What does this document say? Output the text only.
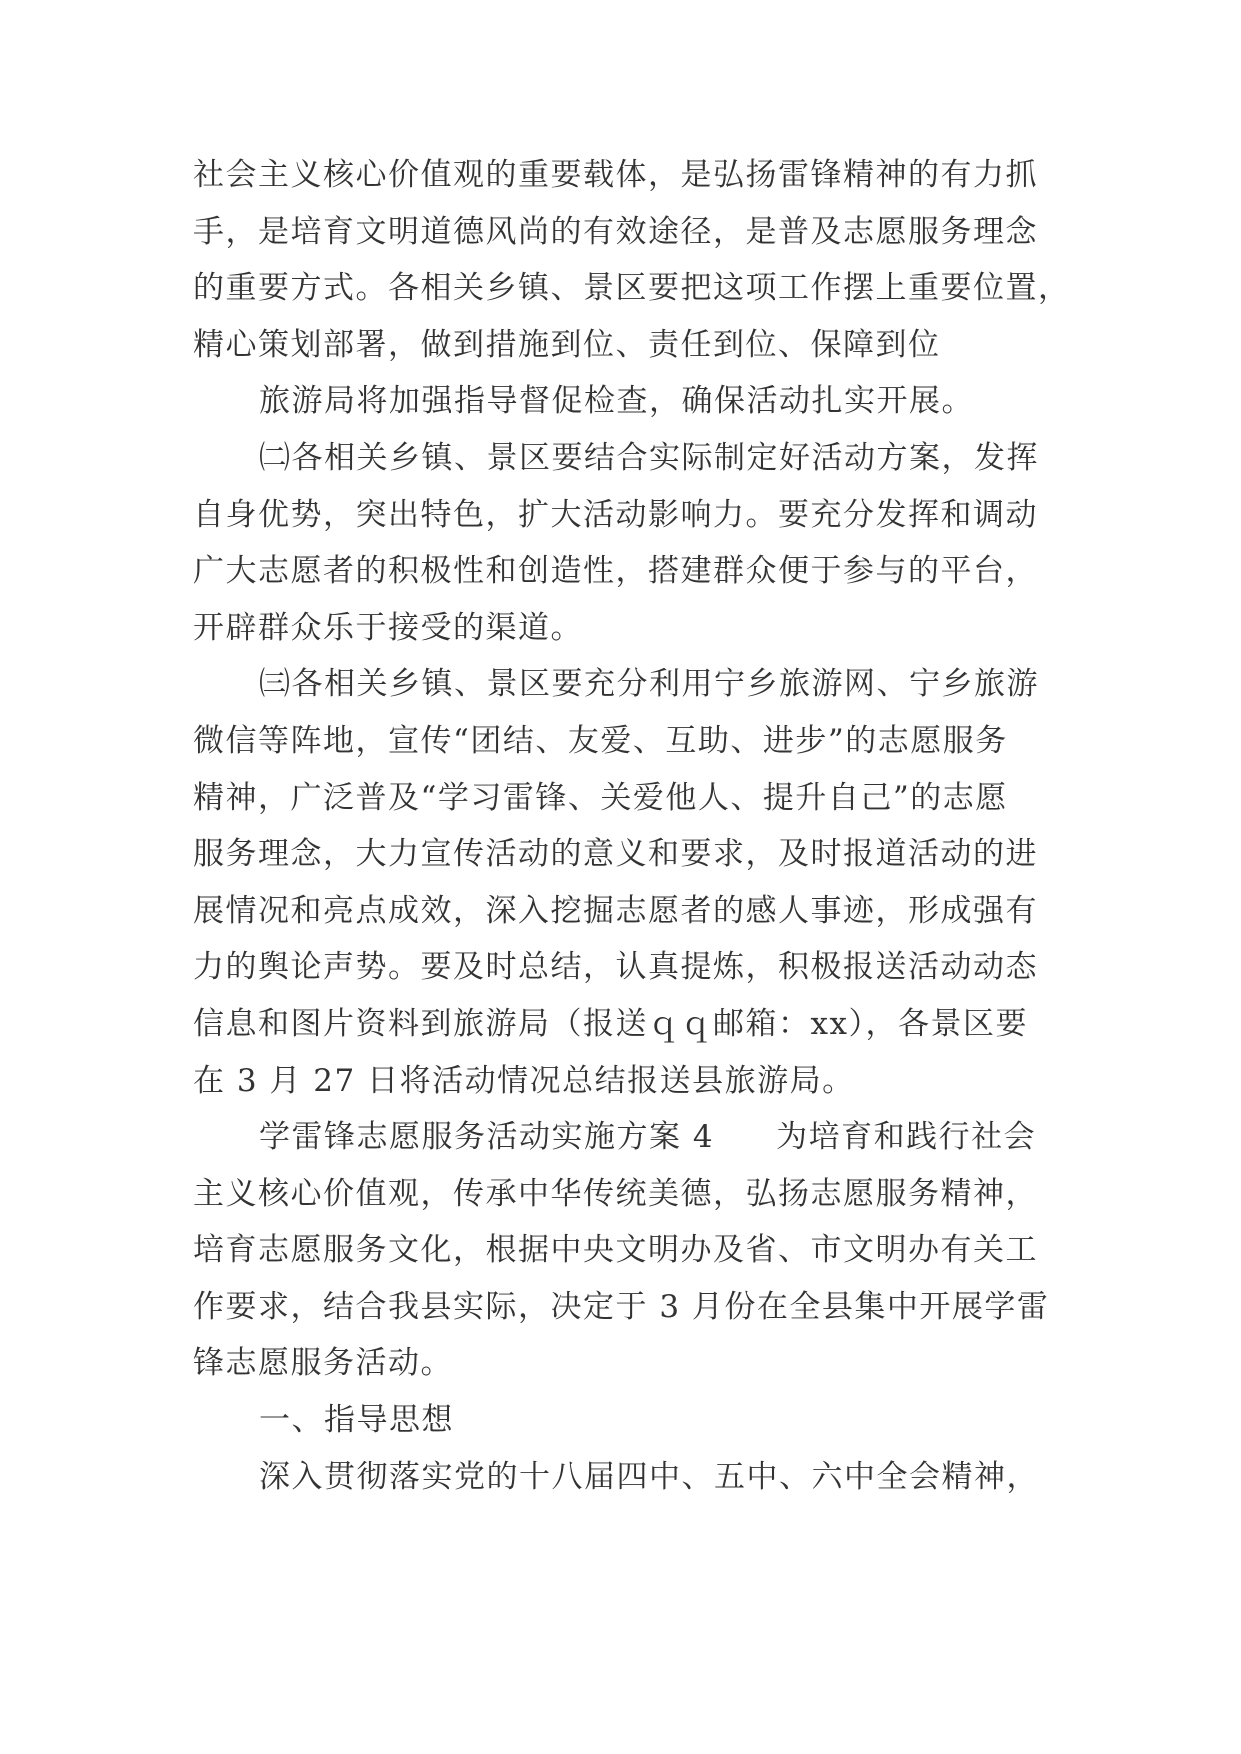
社会主义核心价值观的重要载体，是弘扬雷锋精神的有力抓
手，是培育文明道德风尚的有效途径，是普及志愿服务理念
的重要方式。各相关乡镇、景区要把这项工作摆上重要位置，
精心策划部署，做到措施到位、责任到位、保障到位
旅游局将加强指导督促检查，确保活动扎实开展。
㈡各相关乡镇、景区要结合实际制定好活动方案，发挥
自身优势，突出特色，扩大活动影响力。要充分发挥和调动
广大志愿者的积极性和创造性，搭建群众便于参与的平台，
开辟群众乐于接受的渠道。
㈢各相关乡镇、景区要充分利用宁乡旅游网、宁乡旅游
微信等阵地，宣传“团结、友爱、互助、进步”的志愿服务
精神，广泛普及“学习雷锋、关爱他人、提升自己”的志愿
服务理念，大力宣传活动的意义和要求，及时报道活动的进
展情况和亮点成效，深入挖掘志愿者的感人事迹，形成强有
力的舆论声势。要及时总结，认真提炼，积极报送活动动态
信息和图片资料到旅游局（报送ｑｑ邮箱：xx），各景区要
在 3 月 27 日将活动情况总结报送县旅游局。
学雷锋志愿服务活动实施方案 4 为培育和践行社会
主义核心价值观，传承中华传统美德，弘扬志愿服务精神，
培育志愿服务文化，根据中央文明办及省、市文明办有关工
作要求，结合我县实际，决定于 3 月份在全县集中开展学雷
锋志愿服务活动。
一、指导思想
深入贯彻落实党的十八届四中、五中、六中全会精神，
